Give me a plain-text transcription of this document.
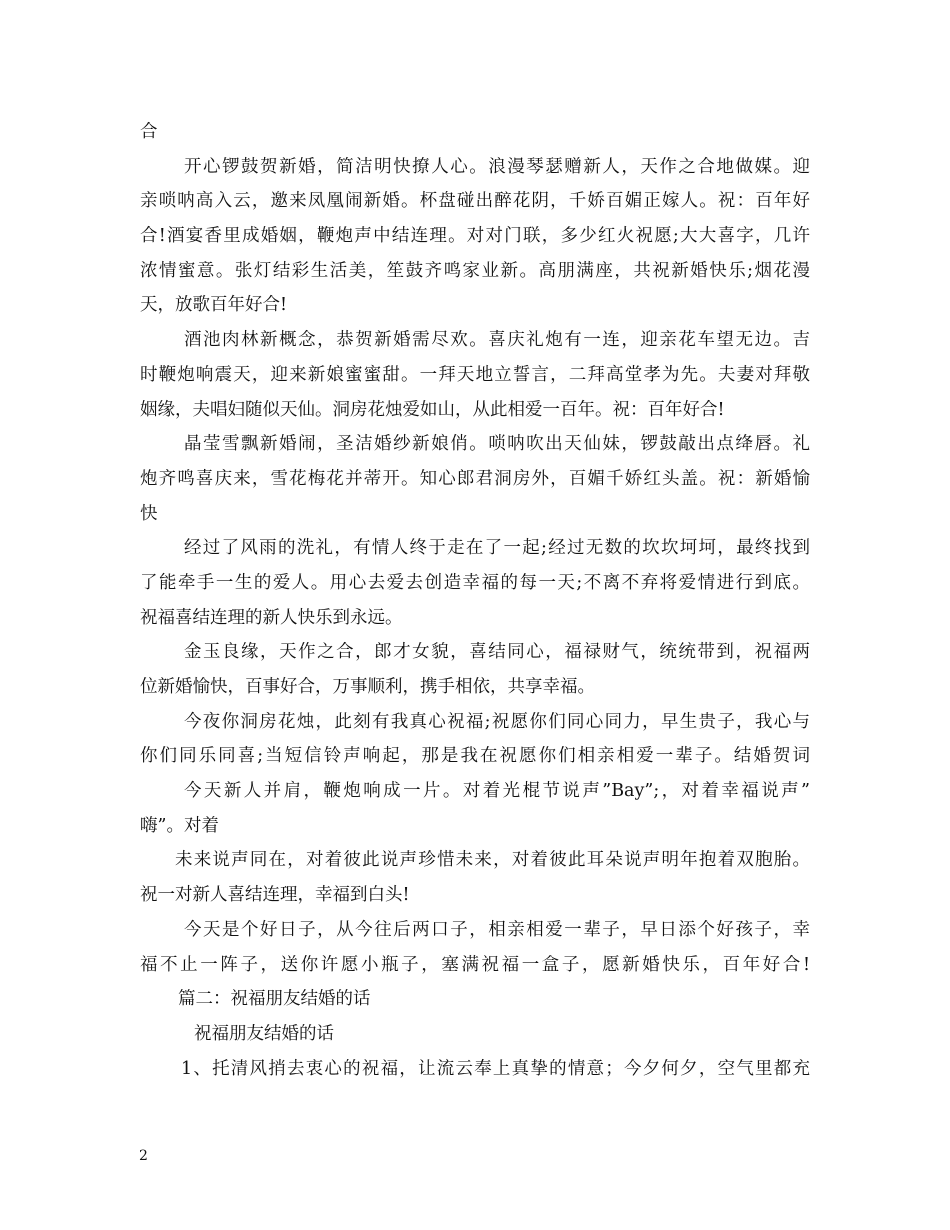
合
开心锣鼓贺新婚，简洁明快撩人心。浪漫琴瑟赠新人，天作之合地做媒。迎
亲唢呐高入云，邀来凤凰闹新婚。杯盘碰出醉花阴，千娇百媚正嫁人。祝：百年好
合!酒宴香里成婚姻，鞭炮声中结连理。对对门联，多少红火祝愿;大大喜字，几许
浓情蜜意。张灯结彩生活美，笙鼓齐鸣家业新。高朋满座，共祝新婚快乐;烟花漫
天，放歌百年好合!
酒池肉林新概念，恭贺新婚需尽欢。喜庆礼炮有一连，迎亲花车望无边。吉
时鞭炮响震天，迎来新娘蜜蜜甜。一拜天地立誓言，二拜高堂孝为先。夫妻对拜敬
姻缘，夫唱妇随似天仙。洞房花烛爱如山，从此相爱一百年。祝：百年好合!
晶莹雪飘新婚闹，圣洁婚纱新娘俏。唢呐吹出天仙妹，锣鼓敲出点绛唇。礼
炮齐鸣喜庆来，雪花梅花并蒂开。知心郎君洞房外，百媚千娇红头盖。祝：新婚愉
快
经过了风雨的洗礼，有情人终于走在了一起;经过无数的坎坎坷坷，最终找到
了能牵手一生的爱人。用心去爱去创造幸福的每一天;不离不弃将爱情进行到底。
祝福喜结连理的新人快乐到永远。
金玉良缘，天作之合，郎才女貌，喜结同心，福禄财气，统统带到，祝福两
位新婚愉快，百事好合，万事顺利，携手相依，共享幸福。
今夜你洞房花烛，此刻有我真心祝福;祝愿你们同心同力，早生贵子，我心与
你们同乐同喜;当短信铃声响起，那是我在祝愿你们相亲相爱一辈子。结婚贺词
今天新人并肩，鞭炮响成一片。对着光棍节说声”Bay”;，对着幸福说声”
嗨”。对着
未来说声同在，对着彼此说声珍惜未来，对着彼此耳朵说声明年抱着双胞胎。
祝一对新人喜结连理，幸福到白头!
今天是个好日子，从今往后两口子，相亲相爱一辈子，早日添个好孩子，幸
福不止一阵子，送你许愿小瓶子，塞满祝福一盒子，愿新婚快乐，百年好合!
篇二：祝福朋友结婚的话
祝福朋友结婚的话
1、托清风捎去衷心的祝福，让流云奉上真挚的情意；今夕何夕，空气里都充
2
